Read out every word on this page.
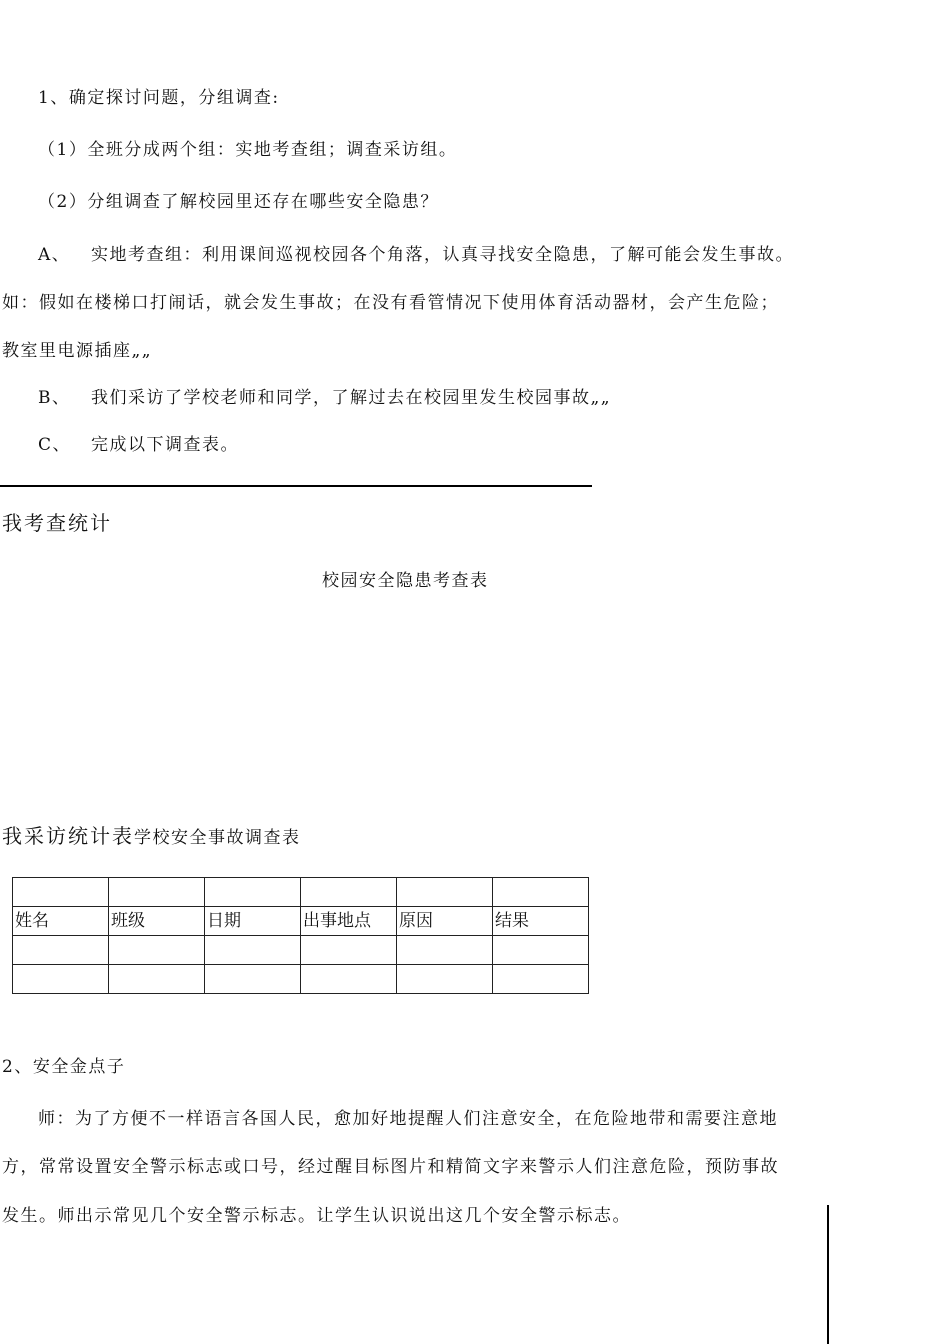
1、确定探讨问题，分组调查:
（1）全班分成两个组：实地考查组；调查采访组。
（2）分组调查了解校园里还存在哪些安全隐患？
A、 实地考查组：利用课间巡视校园各个角落，认真寻找安全隐患，了解可能会发生事故。
如：假如在楼梯口打闹话，就会发生事故；在没有看管情况下使用体育活动器材，会产生危险；
教室里电源插座„„
B、 我们采访了学校老师和同学，了解过去在校园里发生校园事故„„
C、 完成以下调查表。
我考查统计
校园安全隐患考查表
我采访统计表学校安全事故调查表

姓名	班级	日期	出事地点	原因	结果

2、安全金点子
师：为了方便不一样语言各国人民，愈加好地提醒人们注意安全，在危险地带和需要注意地
方，常常设置安全警示标志或口号，经过醒目标图片和精简文字来警示人们注意危险，预防事故
发生。师出示常见几个安全警示标志。让学生认识说出这几个安全警示标志。
